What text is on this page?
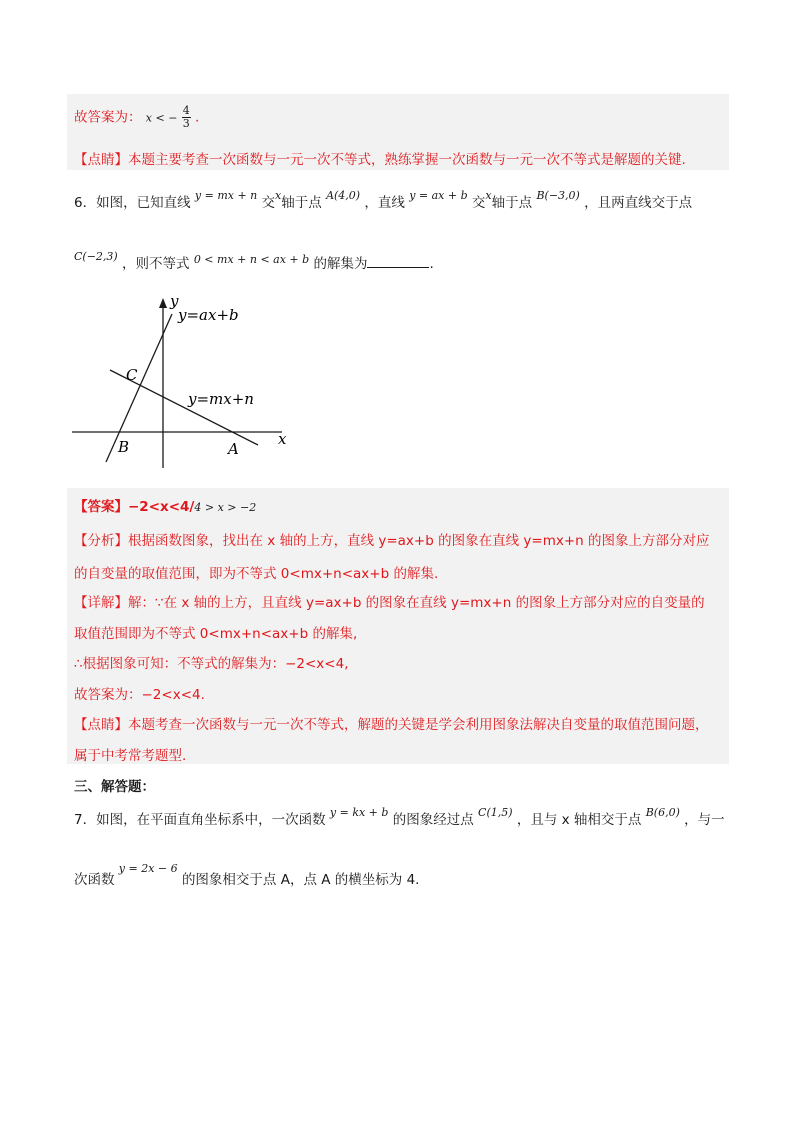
故答案为： x < − $\frac{4}{3}$ .
【点睛】本题主要考查一次函数与一元一次不等式，熟练掌握一次函数与一元一次不等式是解题的关键.
6．如图，已知直线 $^{y = mx + n}$ 交$^x$轴于点 $^{A(4,0)}$ ，直线 $^{y = ax + b}$ 交$^x$轴于点 $^{B(-3,0)}$ ，且两直线交于点
$^{C(-2,3)}$ ，则不等式 $^{0 < mx + n < ax + b}$ 的解集为	.
y
x
y=ax+b
y=mx+n
C
B	A
【答案】−2<x<4/4 > x > −2
【分析】根据函数图象，找出在 x 轴的上方，直线 y=ax+b 的图象在直线 y=mx+n 的图象上方部分对应
的自变量的取值范围，即为不等式 0<mx+n<ax+b 的解集.
【详解】解：∵在 x 轴的上方，且直线 y=ax+b 的图象在直线 y=mx+n 的图象上方部分对应的自变量的
取值范围即为不等式 0<mx+n<ax+b 的解集,
∴根据图象可知：不等式的解集为：−2<x<4,
故答案为：−2<x<4.
【点睛】本题考查一次函数与一元一次不等式，解题的关键是学会利用图象法解决自变量的取值范围问题，
属于中考常考题型.
三、解答题：
7．如图，在平面直角坐标系中，一次函数 $^{y = kx + b}$ 的图象经过点 $^{C(1,5)}$ ，且与 x 轴相交于点 $^{B(6,0)}$ ，与一
次函数 $^{y = 2x - 6}$ 的图象相交于点 A，点 A 的横坐标为 4.
